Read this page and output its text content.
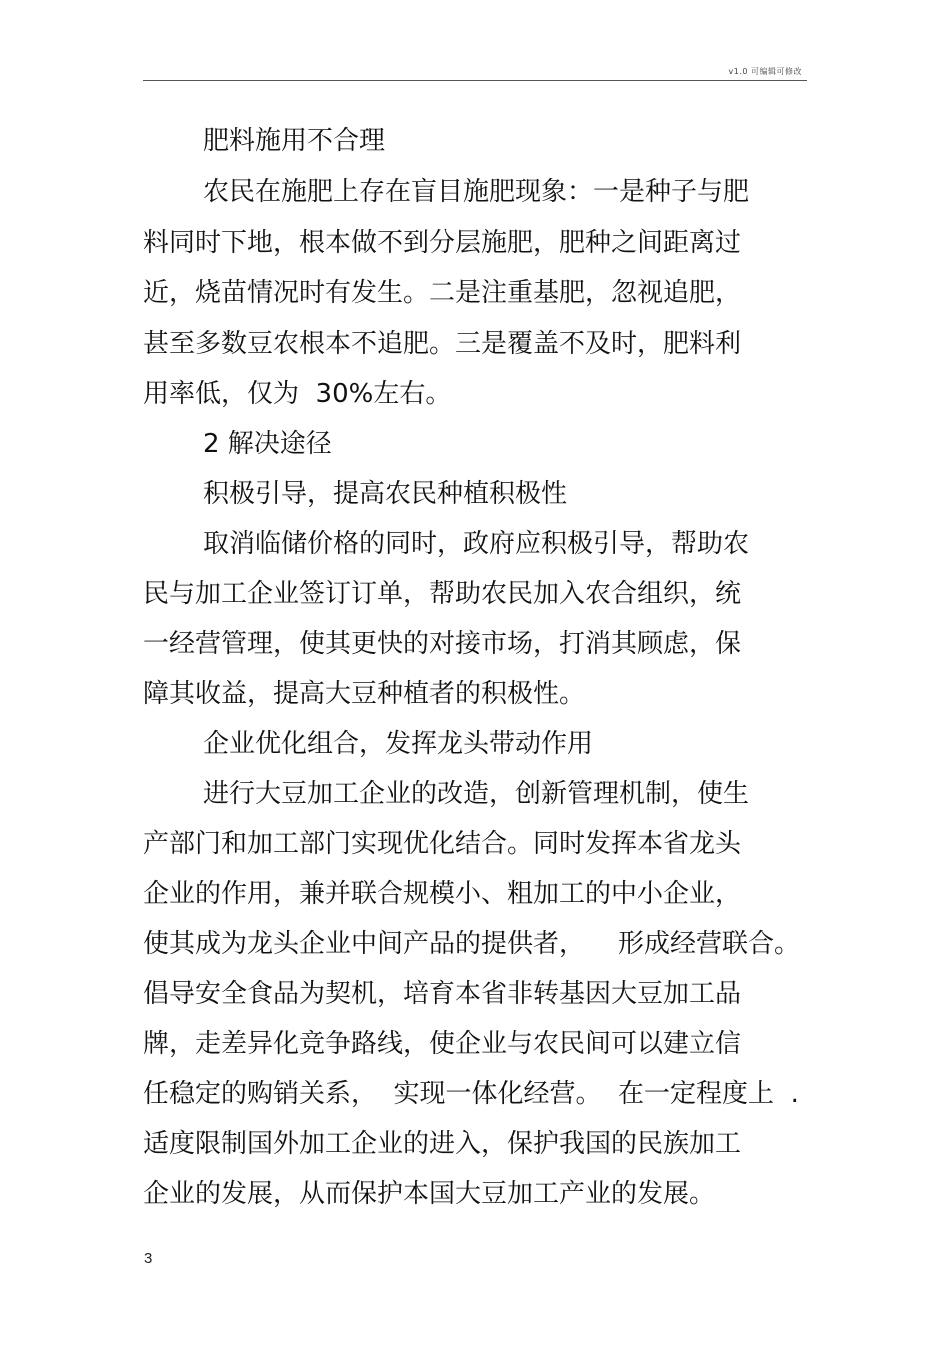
v1.0 可编辑可修改
肥料施用不合理
农民在施肥上存在盲目施肥现象：一是种子与肥
料同时下地，根本做不到分层施肥，肥种之间距离过
近，烧苗情况时有发生。二是注重基肥，忽视追肥，
甚至多数豆农根本不追肥。三是覆盖不及时，肥料利
用率低，仅为  30%左右。
2 解决途径
积极引导，提高农民种植积极性
取消临储价格的同时，政府应积极引导，帮助农
民与加工企业签订订单，帮助农民加入农合组织，统
一经营管理，使其更快的对接市场，打消其顾虑，保
障其收益，提高大豆种植者的积极性。
企业优化组合，发挥龙头带动作用
进行大豆加工企业的改造，创新管理机制，使生
产部门和加工部门实现优化结合。同时发挥本省龙头
企业的作用，兼并联合规模小、粗加工的中小企业，
使其成为龙头企业中间产品的提供者，    形成经营联合。
倡导安全食品为契机，培育本省非转基因大豆加工品
牌，走差异化竞争路线，使企业与农民间可以建立信
任稳定的购销关系，  实现一体化经营。  在一定程度上  .
适度限制国外加工企业的进入，保护我国的民族加工
企业的发展，从而保护本国大豆加工产业的发展。
3
